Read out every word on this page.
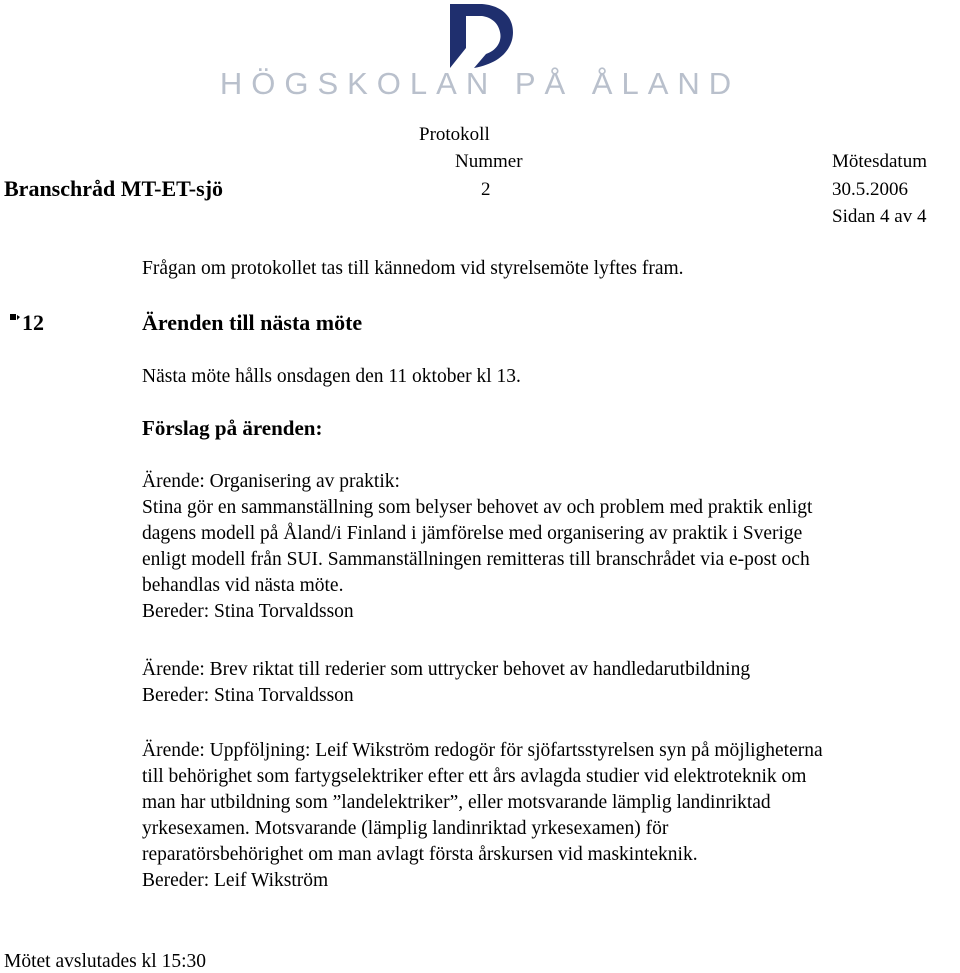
HÖGSKOLAN PÅ ÅLAND
Protokoll
Nummer	Mötesdatum
Branschråd MT-ET-sjö	2	30.5.2006
Sidan 4 av 4
Frågan om protokollet tas till kännedom vid styrelsemöte lyftes fram.
12	Ärenden till nästa möte
Nästa möte hålls onsdagen den 11 oktober kl 13.
Förslag på ärenden:

Ärende: Organisering av praktik:

Stina gör en sammanställning som belyser behovet av och problem med praktik enligt

dagens modell på Åland/i Finland i jämförelse med organisering av praktik i Sverige

enligt modell från SUI. Sammanställningen remitteras till branschrådet via e-post och

behandlas vid nästa möte.

Bereder: Stina Torvaldsson

Ärende: Brev riktat till rederier som uttrycker behovet av handledarutbildning

Bereder: Stina Torvaldsson

Ärende: Uppföljning: Leif Wikström redogör för sjöfartsstyrelsen syn på möjligheterna

till behörighet som fartygselektriker efter ett års avlagda studier vid elektroteknik om

man har utbildning som ”landelektriker”, eller motsvarande lämplig landinriktad

yrkesexamen. Motsvarande (lämplig landinriktad yrkesexamen) för

reparatörsbehörighet om man avlagt första årskursen vid maskinteknik.

Bereder: Leif Wikström

Mötet avslutades kl 15:30
